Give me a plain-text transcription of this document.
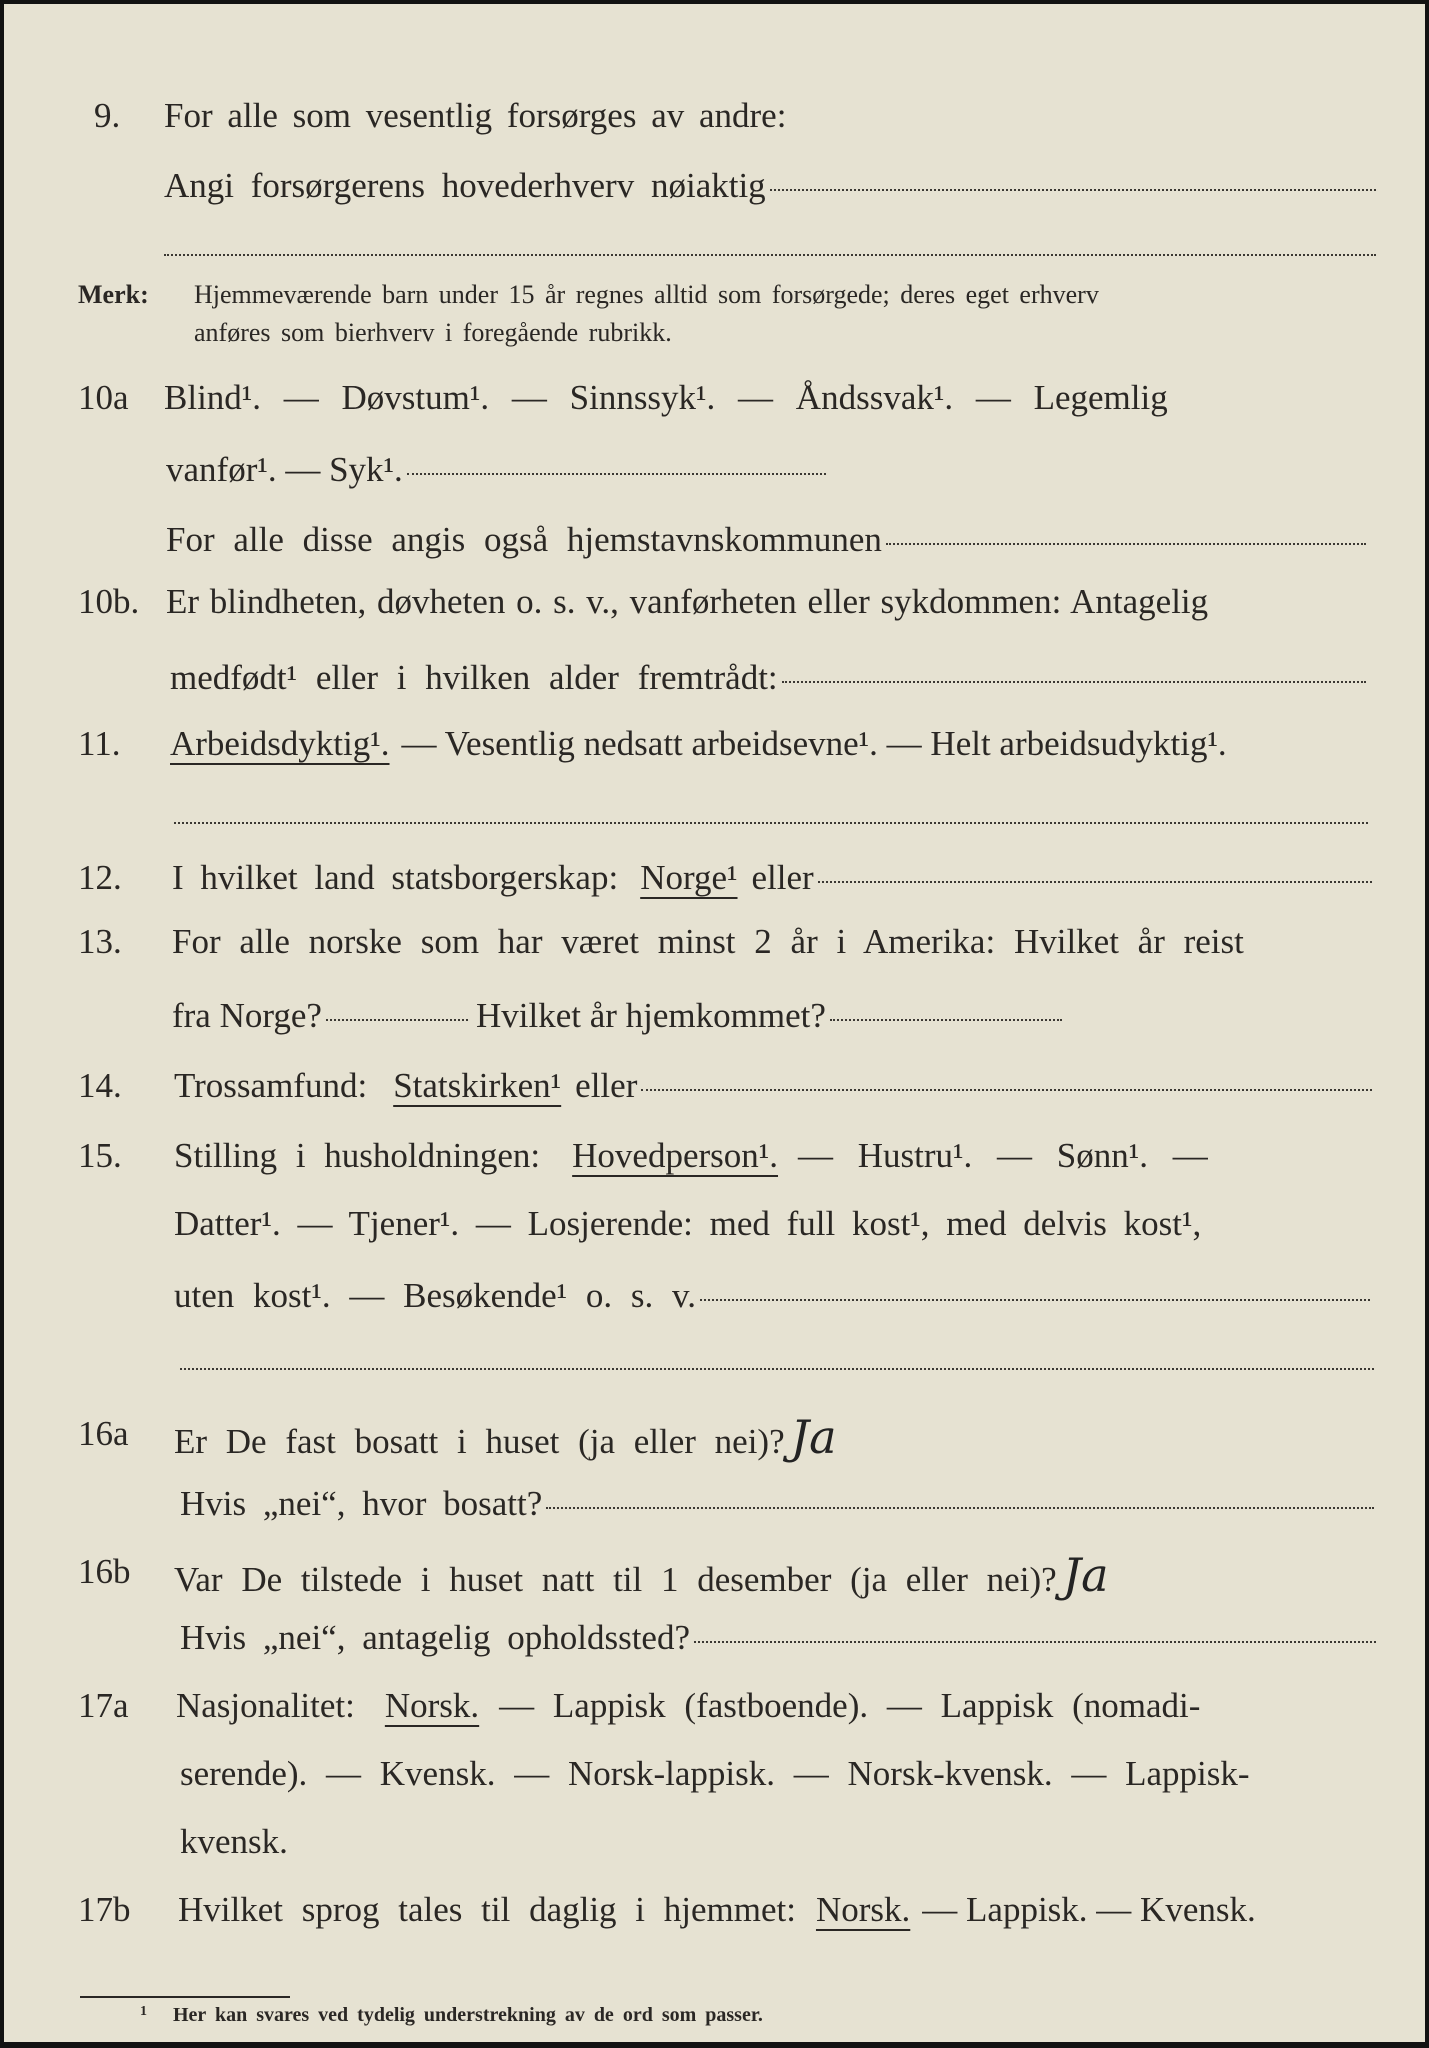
9.	For alle som vesentlig forsørges av andre:
Angi forsørgerens hovederhverv nøiaktig
Merk:	Hjemmeværende barn under 15 år regnes alltid som forsørgede; deres eget erhverv
anføres som bierhverv i foregående rubrikk.
10a	Blind¹. — Døvstum¹. — Sinnssyk¹. — Åndssvak¹. — Legemlig
vanfør¹. — Syk¹.
For alle disse angis også hjemstavnskommunen
10b. Er blindheten, døvheten o. s. v., vanførheten eller sykdommen: Antagelig
medfødt¹ eller i hvilken alder fremtrådt:
11.	Arbeidsdyktig¹. — Vesentlig nedsatt arbeidsevne¹. — Helt arbeidsudyktig¹.
12.	I hvilket land statsborgerskap: Norge¹ eller
13.	For alle norske som har været minst 2 år i Amerika: Hvilket år reist
fra Norge?	Hvilket år hjemkommet?
14.	Trossamfund: Statskirken¹ eller
15.	Stilling i husholdningen: Hovedperson¹. — Hustru¹. — Sønn¹. —
Datter¹. — Tjener¹. — Losjerende: med full kost¹, med delvis kost¹,
uten kost¹. — Besøkende¹ o. s. v.
16a	Er De fast bosatt i huset (ja eller nei)? Ja
Hvis „nei“, hvor bosatt?
16b	Var De tilstede i huset natt til 1 desember (ja eller nei)? Ja
Hvis „nei“, antagelig opholdssted?
17a	Nasjonalitet: Norsk. — Lappisk (fastboende). — Lappisk (nomadi-
serende). — Kvensk. — Norsk-lappisk. — Norsk-kvensk. — Lappisk-
kvensk.
17b	Hvilket sprog tales til daglig i hjemmet: Norsk. — Lappisk. — Kvensk.
1 Her kan svares ved tydelig understrekning av de ord som passer.
